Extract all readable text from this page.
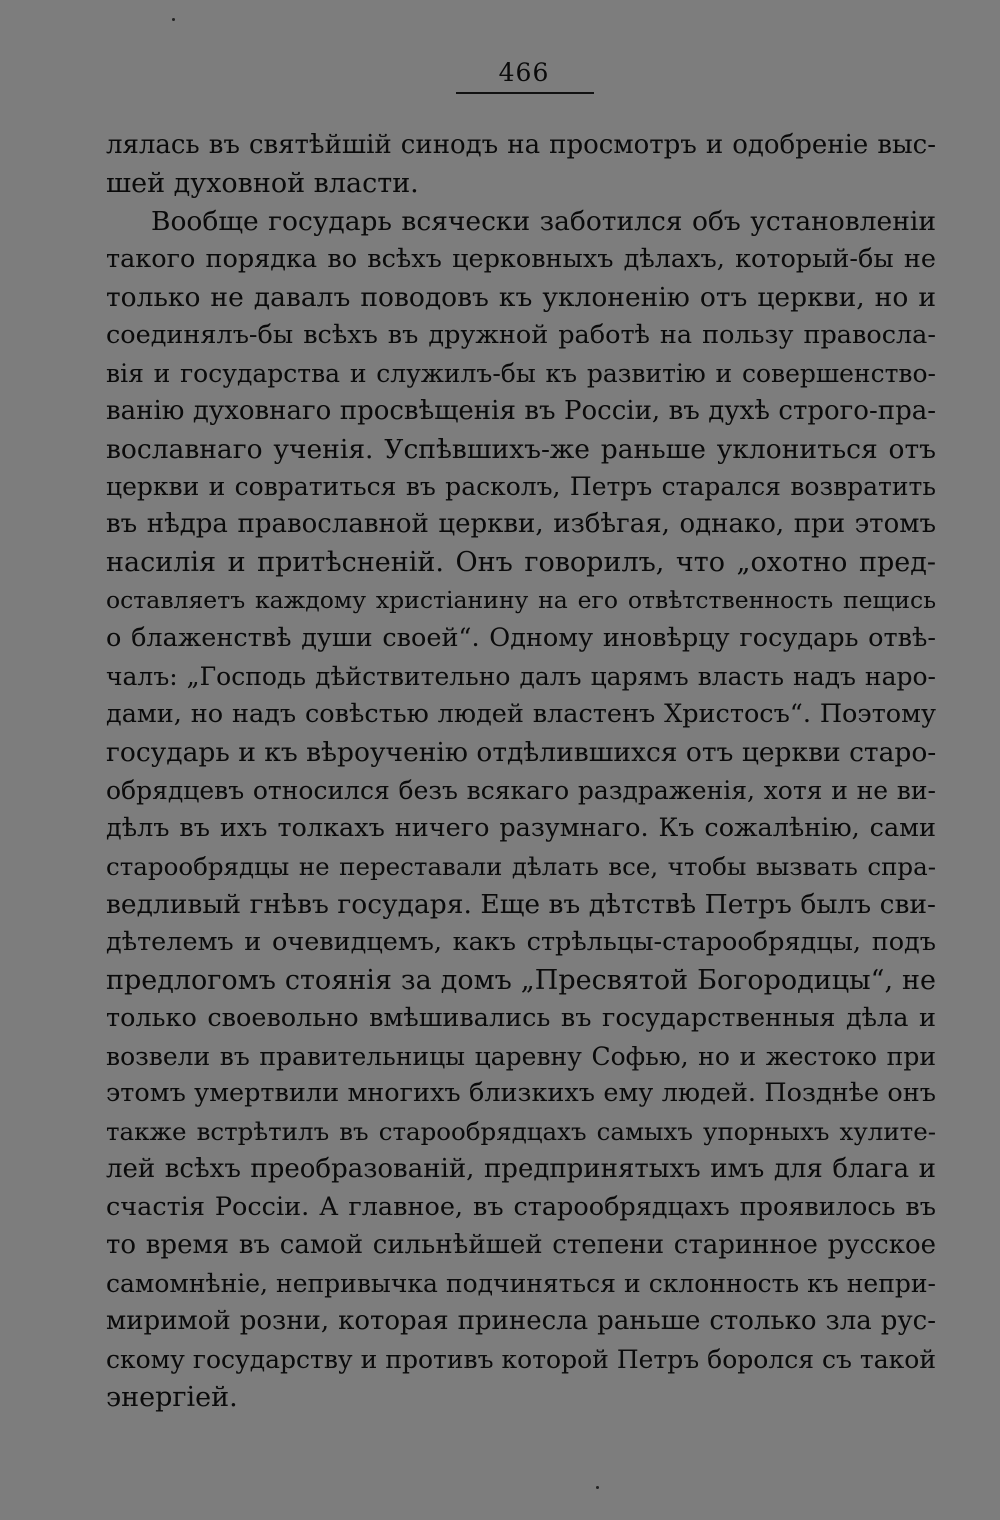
466
лялась въ святѣйшій синодъ на просмотръ и одобреніе выс-
шей духовной власти.
Вообще государь всячески заботился объ установленіи
такого порядка во всѣхъ церковныхъ дѣлахъ, который-бы не
только не давалъ поводовъ къ уклоненію отъ церкви, но и
соединялъ-бы всѣхъ въ дружной работѣ на пользу правосла-
вія и государства и служилъ-бы къ развитію и совершенство-
ванію духовнаго просвѣщенія въ Россіи, въ духѣ строго-пра-
вославнаго ученія. Успѣвшихъ-же раньше уклониться отъ
церкви и совратиться въ расколъ, Петръ старался возвратить
въ нѣдра православной церкви, избѣгая, однако, при этомъ
насилія и притѣсненій. Онъ говорилъ, что „охотно пред-
оставляетъ каждому христіанину на его отвѣтственность пещись
о блаженствѣ души своей“. Одному иновѣрцу государь отвѣ-
чалъ: „Господь дѣйствительно далъ царямъ власть надъ наро-
дами, но надъ совѣстью людей властенъ Христосъ“. Поэтому
государь и къ вѣроученію отдѣлившихся отъ церкви старо-
обрядцевъ относился безъ всякаго раздраженія, хотя и не ви-
дѣлъ въ ихъ толкахъ ничего разумнаго. Къ сожалѣнію, сами
старообрядцы не переставали дѣлать все, чтобы вызвать спра-
ведливый гнѣвъ государя. Еще въ дѣтствѣ Петръ былъ сви-
дѣтелемъ и очевидцемъ, какъ стрѣльцы-старообрядцы, подъ
предлогомъ стоянія за домъ „Пресвятой Богородицы“, не
только своевольно вмѣшивались въ государственныя дѣла и
возвели въ правительницы царевну Софью, но и жестоко при
этомъ умертвили многихъ близкихъ ему людей. Позднѣе онъ
также встрѣтилъ въ старообрядцахъ самыхъ упорныхъ хулите-
лей всѣхъ преобразованій, предпринятыхъ имъ для блага и
счастія Россіи. А главное, въ старообрядцахъ проявилось въ
то время въ самой сильнѣйшей степени старинное русское
самомнѣніе, непривычка подчиняться и склонность къ непри-
миримой розни, которая принесла раньше столько зла рус-
скому государству и противъ которой Петръ боролся съ такой
энергіей.
